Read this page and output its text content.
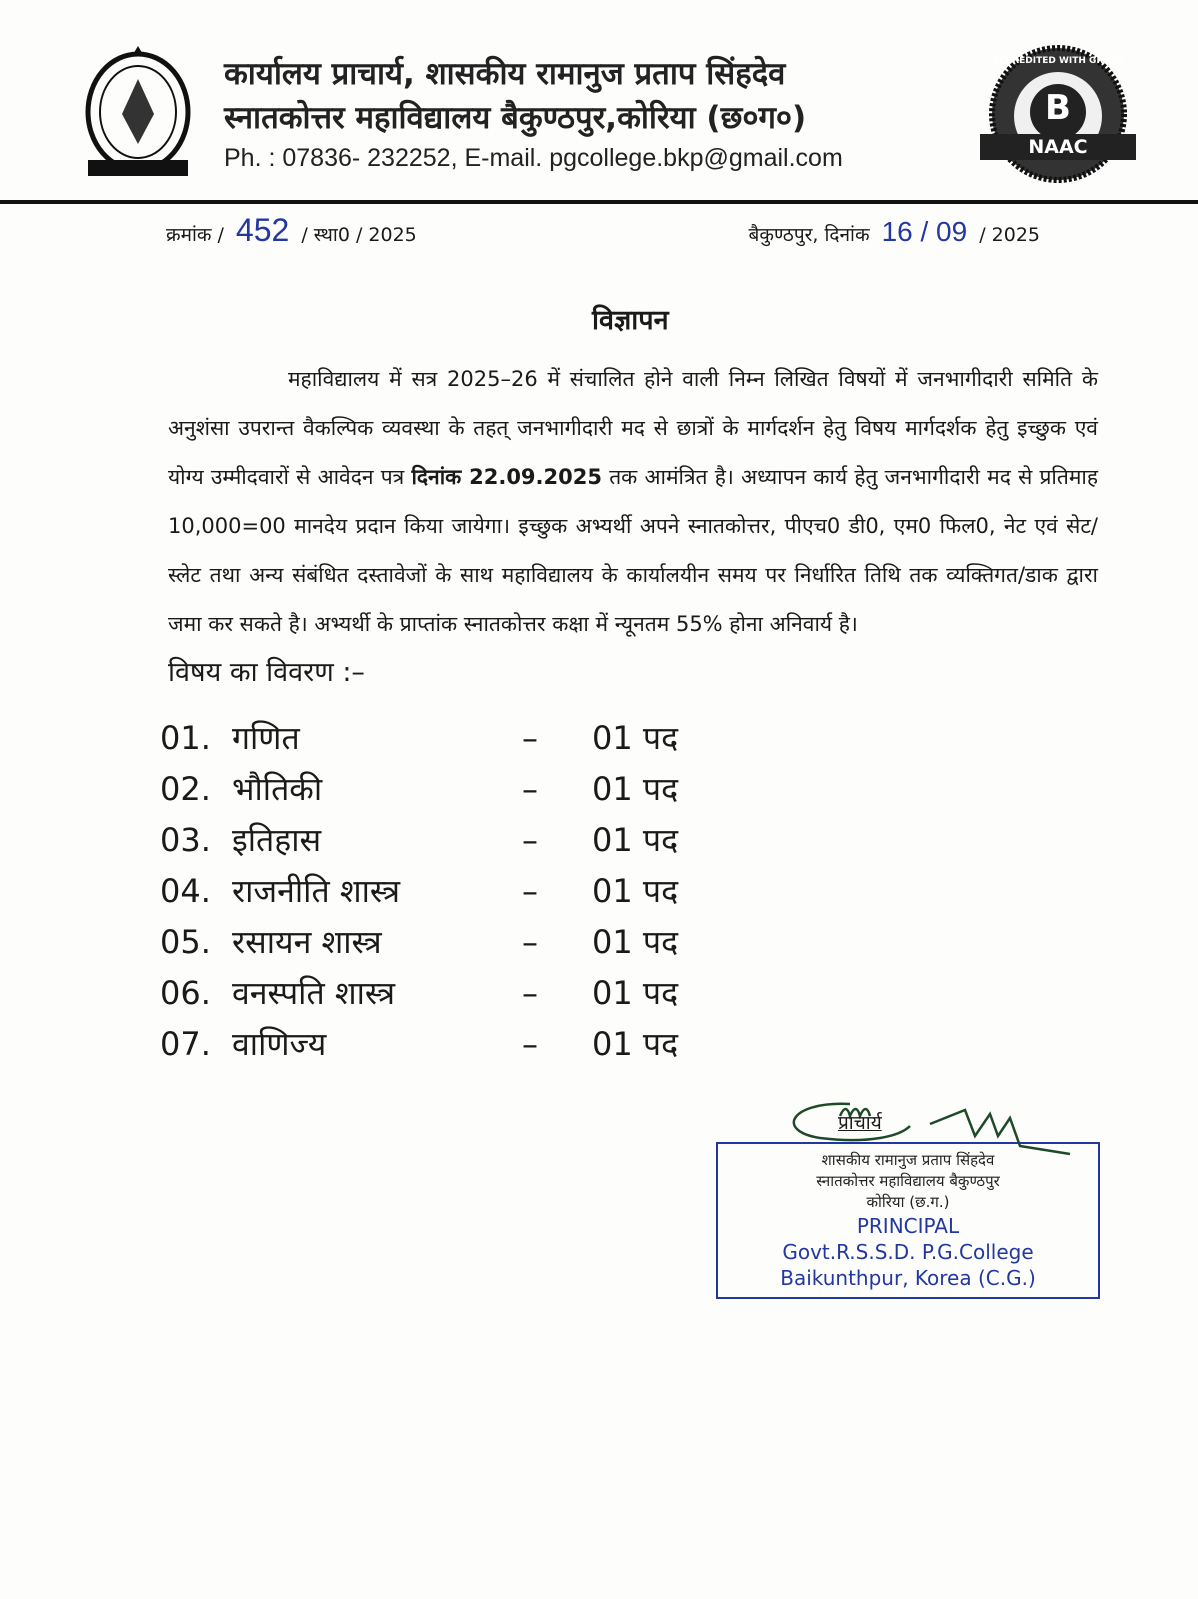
कार्यालय प्राचार्य, शासकीय रामानुज प्रताप सिंहदेव
स्नातकोत्तर महाविद्यालय बैकुण्ठपुर,कोरिया (छ०ग०)
Ph. : 07836- 232252, E-mail. pgcollege.bkp@gmail.com
ACCREDITED WITH GRADE
B
NAAC
क्रमांक / 452 / स्था0 / 2025	बैकुण्ठपुर, दिनांक 16 / 09 / 2025
विज्ञापन

महाविद्यालय में सत्र 2025–26 में संचालित होने वाली निम्न लिखित विषयों में जनभागीदारी समिति के अनुशंसा उपरान्त वैकल्पिक व्यवस्था के तहत् जनभागीदारी मद से छात्रों के मार्गदर्शन हेतु विषय मार्गदर्शक हेतु इच्छुक एवं योग्य उम्मीदवारों से आवेदन पत्र दिनांक 22.09.2025 तक आमंत्रित है। अध्यापन कार्य हेतु जनभागीदारी मद से प्रतिमाह 10,000=00 मानदेय प्रदान किया जायेगा। इच्छुक अभ्यर्थी अपने स्नातकोत्तर, पीएच0 डी0, एम0 फिल0, नेट एवं सेट/ स्लेट तथा अन्य संबंधित दस्तावेजों के साथ महाविद्यालय के कार्यालयीन समय पर निर्धारित तिथि तक व्यक्तिगत/डाक द्वारा जमा कर सकते है। अभ्यर्थी के प्राप्तांक स्नातकोत्तर कक्षा में न्यूनतम 55% होना अनिवार्य है।

विषय का विवरण :–
01. गणित	–	01 पद
02. भौतिकी	–	01 पद
03. इतिहास	–	01 पद
04. राजनीति शास्त्र	–	01 पद
05. रसायन शास्त्र	–	01 पद
06. वनस्पति शास्त्र	–	01 पद
07. वाणिज्य	–	01 पद
प्राचार्य
शासकीय रामानुज प्रताप सिंहदेव
स्नातकोत्तर महाविद्यालय बैकुण्ठपुर
कोरिया (छ.ग.)
PRINCIPAL
Govt.R.S.S.D. P.G.College
Baikunthpur, Korea (C.G.)
